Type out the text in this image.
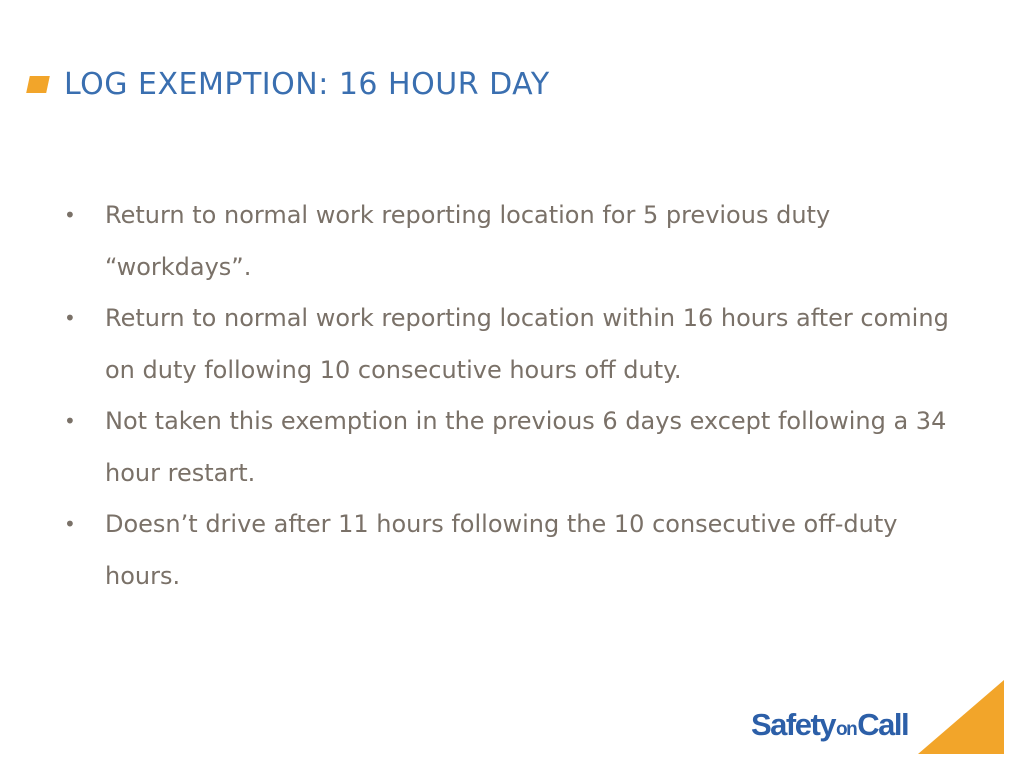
LOG EXEMPTION: 16 HOUR DAY
•	Return to normal work reporting location for 5 previous duty “workdays”.
•	Return to normal work reporting location within 16 hours after coming on duty following 10 consecutive hours off duty.
•	Not taken this exemption in the previous 6 days except following a 34 hour restart.
•	Doesn’t drive after 11 hours following the 10 consecutive off-duty hours.
Safety on Call
